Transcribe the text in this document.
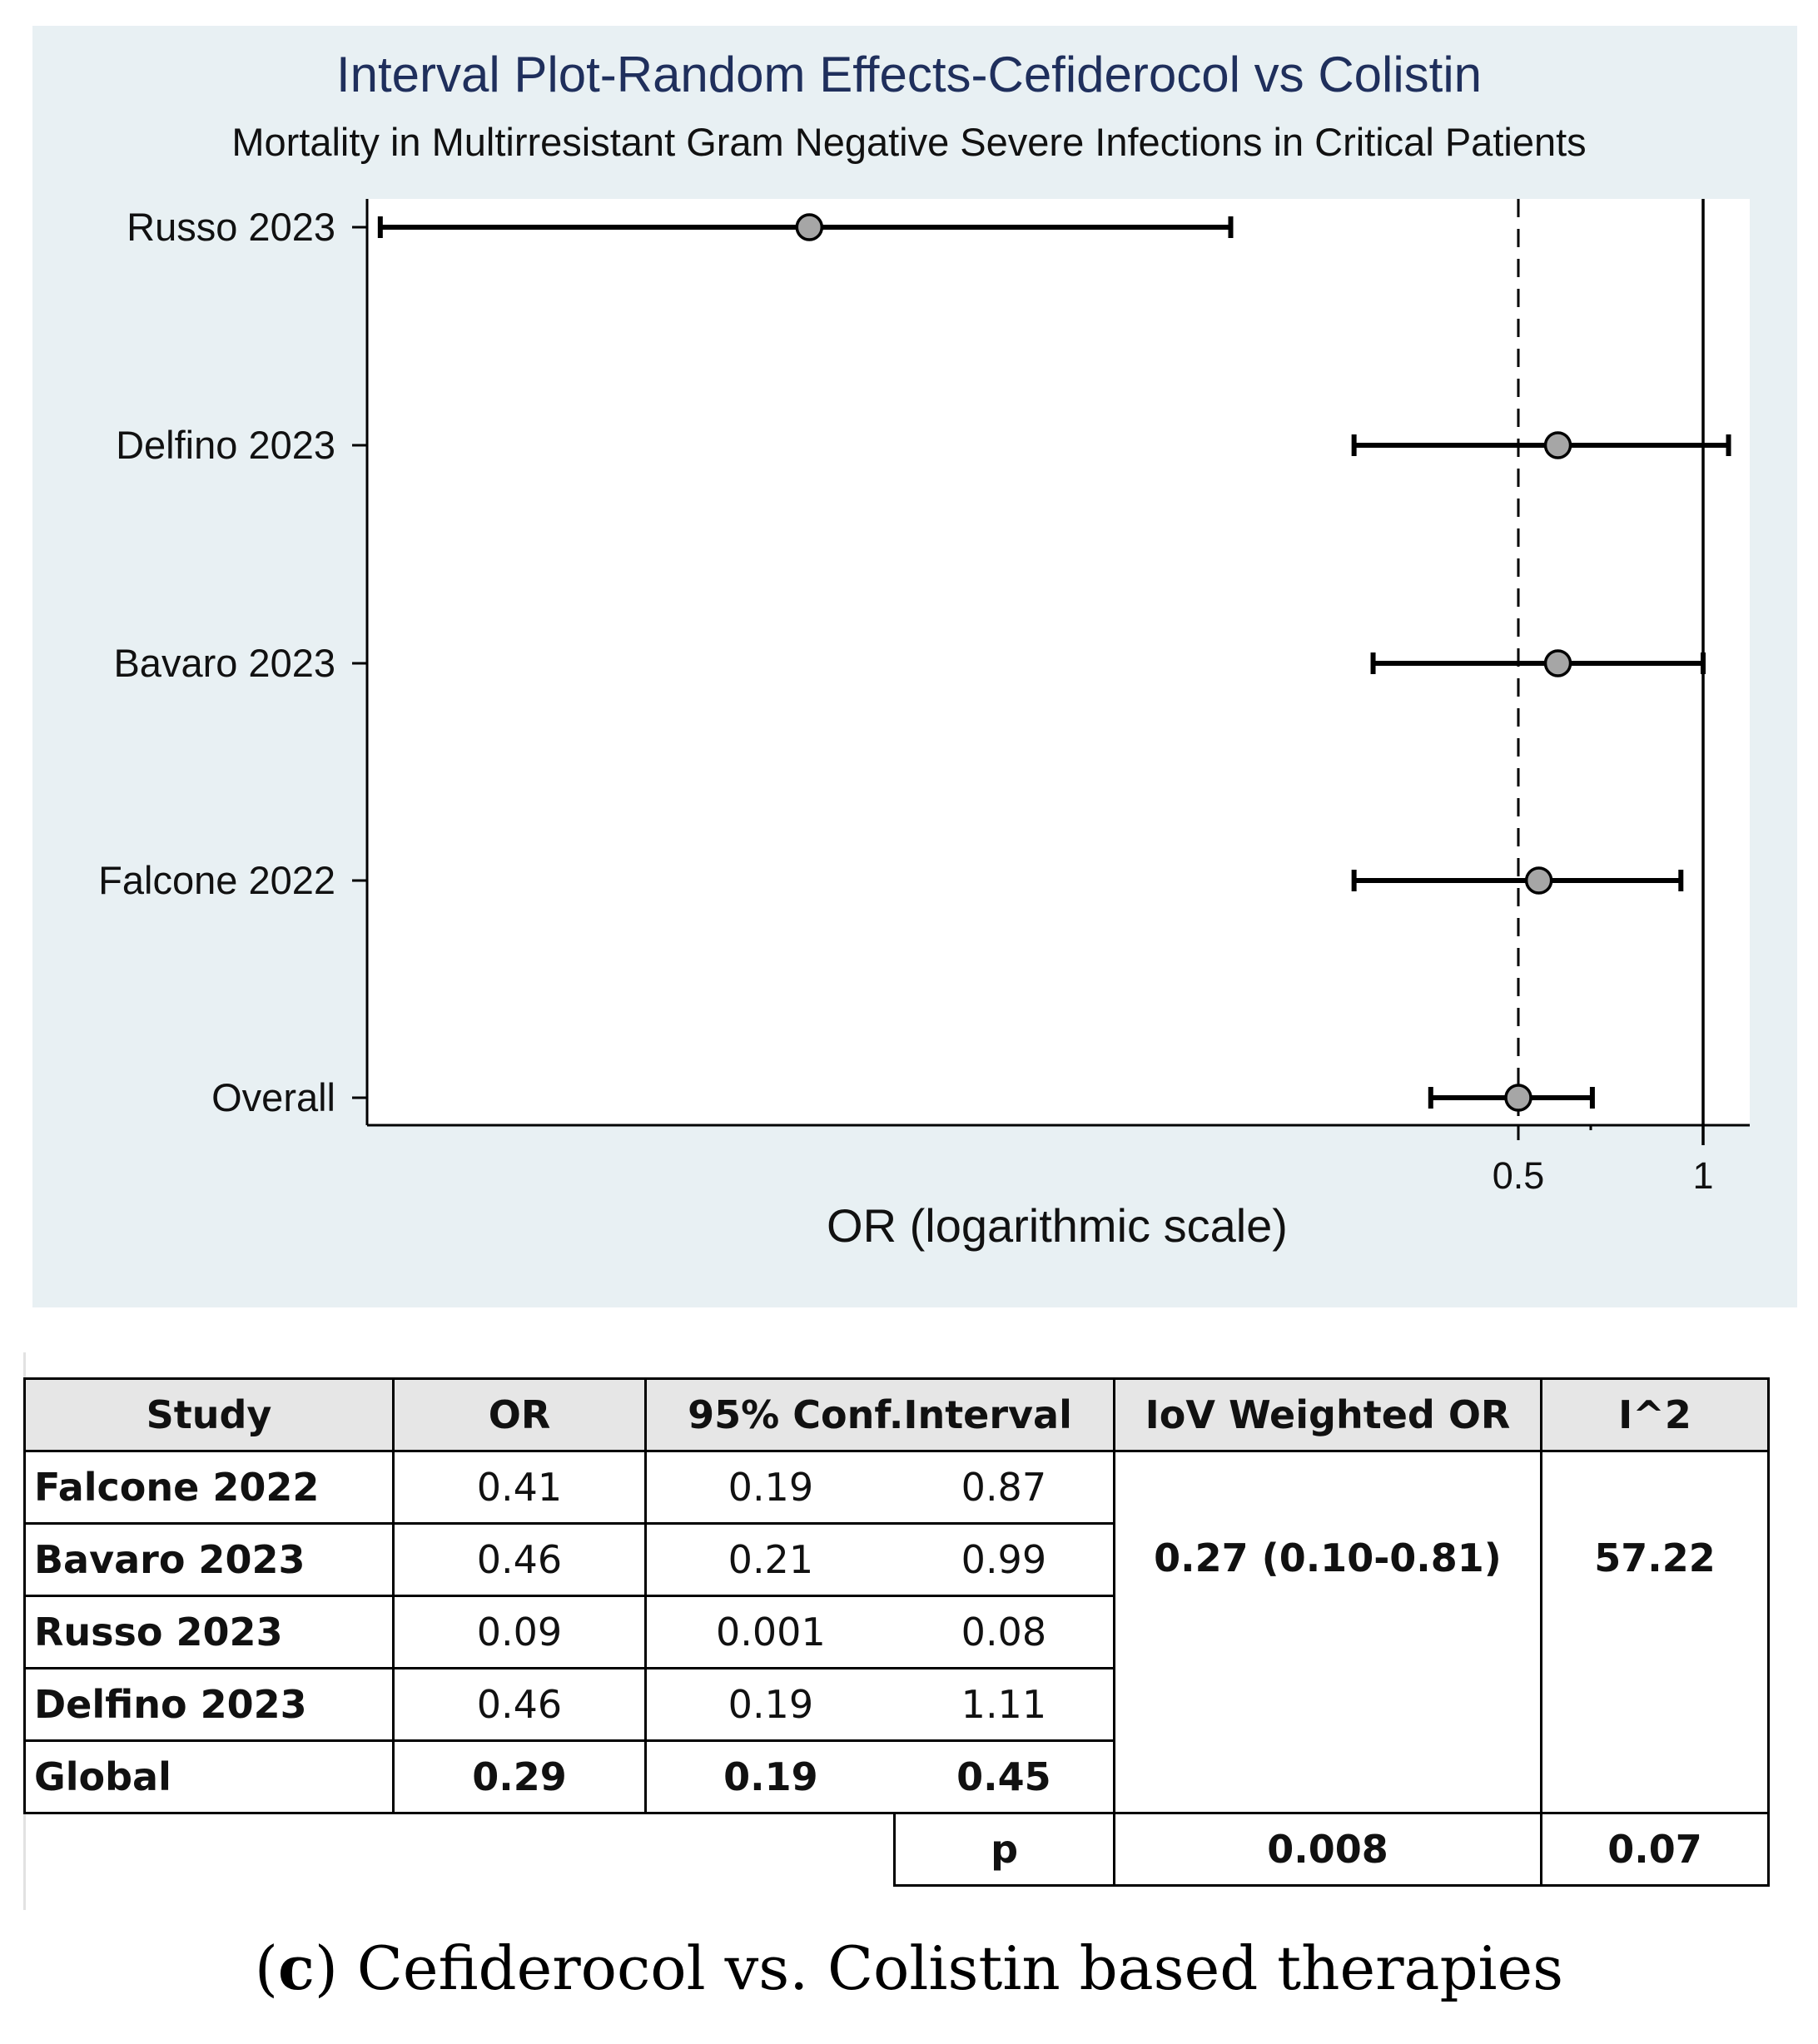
Interval Plot-Random Effects-Cefiderocol vs Colistin
Mortality in Multirresistant Gram Negative Severe Infections in Critical Patients
Russo 2023
Delfino 2023
Bavaro 2023
Falcone 2022
Overall
0.5	1
OR (logarithmic scale)
Study	OR	95% Conf.Interval		IoV Weighted OR	I^2
Falcone 2022	0.41	0.19	0.87	0.27 (0.10-0.81)	57.22
Bavaro 2023	0.46	0.21	0.99		
Russo 2023	0.09	0.001	0.08		
Delfino 2023	0.46	0.19	1.11		
Global	0.29	0.19	0.45		
			p	0.008	0.07
(c) Cefiderocol vs. Colistin based therapies
